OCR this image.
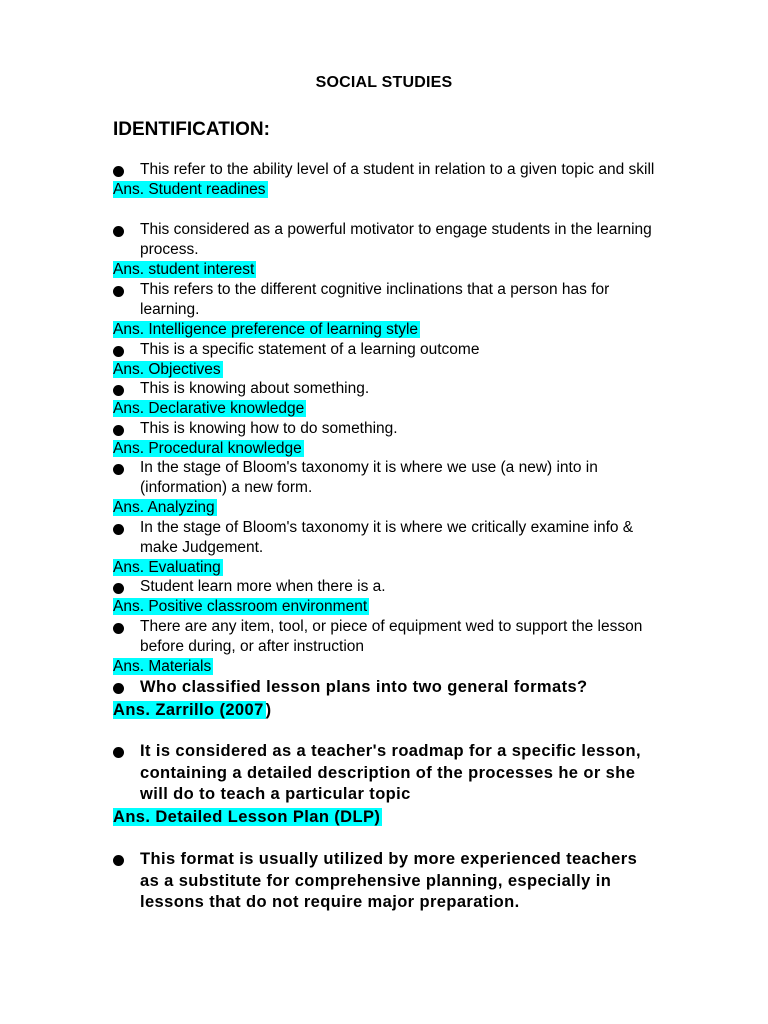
SOCIAL STUDIES
IDENTIFICATION:
This refer to the ability level of a student in relation to a given topic and skill
Ans. Student readines
This considered as a powerful motivator to engage students in the learning process.
Ans. student interest
This refers to the different cognitive inclinations that a person has for learning.
Ans. Intelligence preference of learning style
This is a specific statement of a learning outcome
Ans. Objectives
This is knowing about something.
Ans. Declarative knowledge
This is knowing how to do something.
Ans. Procedural knowledge
In the stage of Bloom's taxonomy it is where we use (a new) into in (information) a new form.
Ans. Analyzing
In the stage of Bloom's taxonomy it is where we critically examine info & make Judgement.
Ans. Evaluating
Student learn more when there is a.
Ans. Positive classroom environment
There are any item, tool, or piece of equipment wed to support the lesson before during, or after instruction
Ans. Materials
Who classified lesson plans into two general formats?
Ans. Zarrillo (2007 )
It is considered as a teacher's roadmap for a specific lesson, containing a detailed description of the processes he or she will do to teach a particular topic
Ans. Detailed Lesson Plan (DLP)
This format is usually utilized by more experienced teachers as a substitute for comprehensive planning, especially in lessons that do not require major preparation.
